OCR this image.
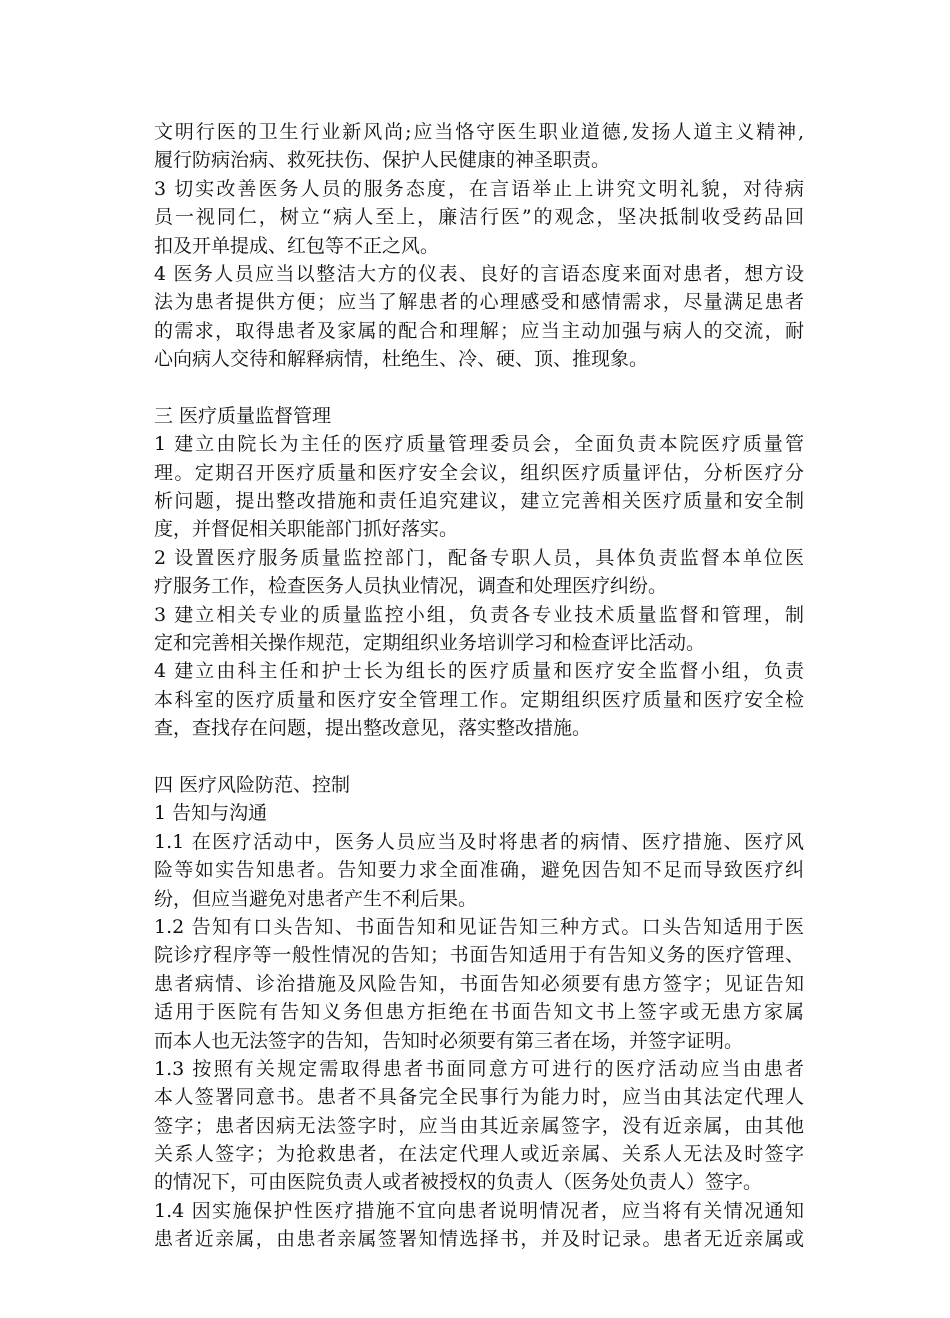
文明行医的卫生行业新风尚;应当恪守医生职业道德,发扬人道主义精神,
履行防病治病、救死扶伤、保护人民健康的神圣职责。
3 切实改善医务人员的服务态度，在言语举止上讲究文明礼貌，对待病
员一视同仁，树立“病人至上，廉洁行医”的观念，坚决抵制收受药品回
扣及开单提成、红包等不正之风。
4 医务人员应当以整洁大方的仪表、良好的言语态度来面对患者，想方设
法为患者提供方便；应当了解患者的心理感受和感情需求，尽量满足患者
的需求，取得患者及家属的配合和理解；应当主动加强与病人的交流，耐
心向病人交待和解释病情，杜绝生、冷、硬、顶、推现象。
三 医疗质量监督管理
1 建立由院长为主任的医疗质量管理委员会，全面负责本院医疗质量管
理。定期召开医疗质量和医疗安全会议，组织医疗质量评估，分析医疗分
析问题，提出整改措施和责任追究建议，建立完善相关医疗质量和安全制
度，并督促相关职能部门抓好落实。
2 设置医疗服务质量监控部门，配备专职人员，具体负责监督本单位医
疗服务工作，检查医务人员执业情况，调查和处理医疗纠纷。
3 建立相关专业的质量监控小组，负责各专业技术质量监督和管理，制
定和完善相关操作规范，定期组织业务培训学习和检查评比活动。
4 建立由科主任和护士长为组长的医疗质量和医疗安全监督小组，负责
本科室的医疗质量和医疗安全管理工作。定期组织医疗质量和医疗安全检
查，查找存在问题，提出整改意见，落实整改措施。
四 医疗风险防范、控制
1 告知与沟通
1.1 在医疗活动中，医务人员应当及时将患者的病情、医疗措施、医疗风
险等如实告知患者。告知要力求全面准确，避免因告知不足而导致医疗纠
纷，但应当避免对患者产生不利后果。
1.2 告知有口头告知、书面告知和见证告知三种方式。口头告知适用于医
院诊疗程序等一般性情况的告知；书面告知适用于有告知义务的医疗管理、
患者病情、诊治措施及风险告知，书面告知必须要有患方签字；见证告知
适用于医院有告知义务但患方拒绝在书面告知文书上签字或无患方家属
而本人也无法签字的告知，告知时必须要有第三者在场，并签字证明。
1.3 按照有关规定需取得患者书面同意方可进行的医疗活动应当由患者
本人签署同意书。患者不具备完全民事行为能力时，应当由其法定代理人
签字；患者因病无法签字时，应当由其近亲属签字，没有近亲属，由其他
关系人签字；为抢救患者，在法定代理人或近亲属、关系人无法及时签字
的情况下，可由医院负责人或者被授权的负责人（医务处负责人）签字。
1.4 因实施保护性医疗措施不宜向患者说明情况者，应当将有关情况通知
患者近亲属，由患者亲属签署知情选择书，并及时记录。患者无近亲属或
